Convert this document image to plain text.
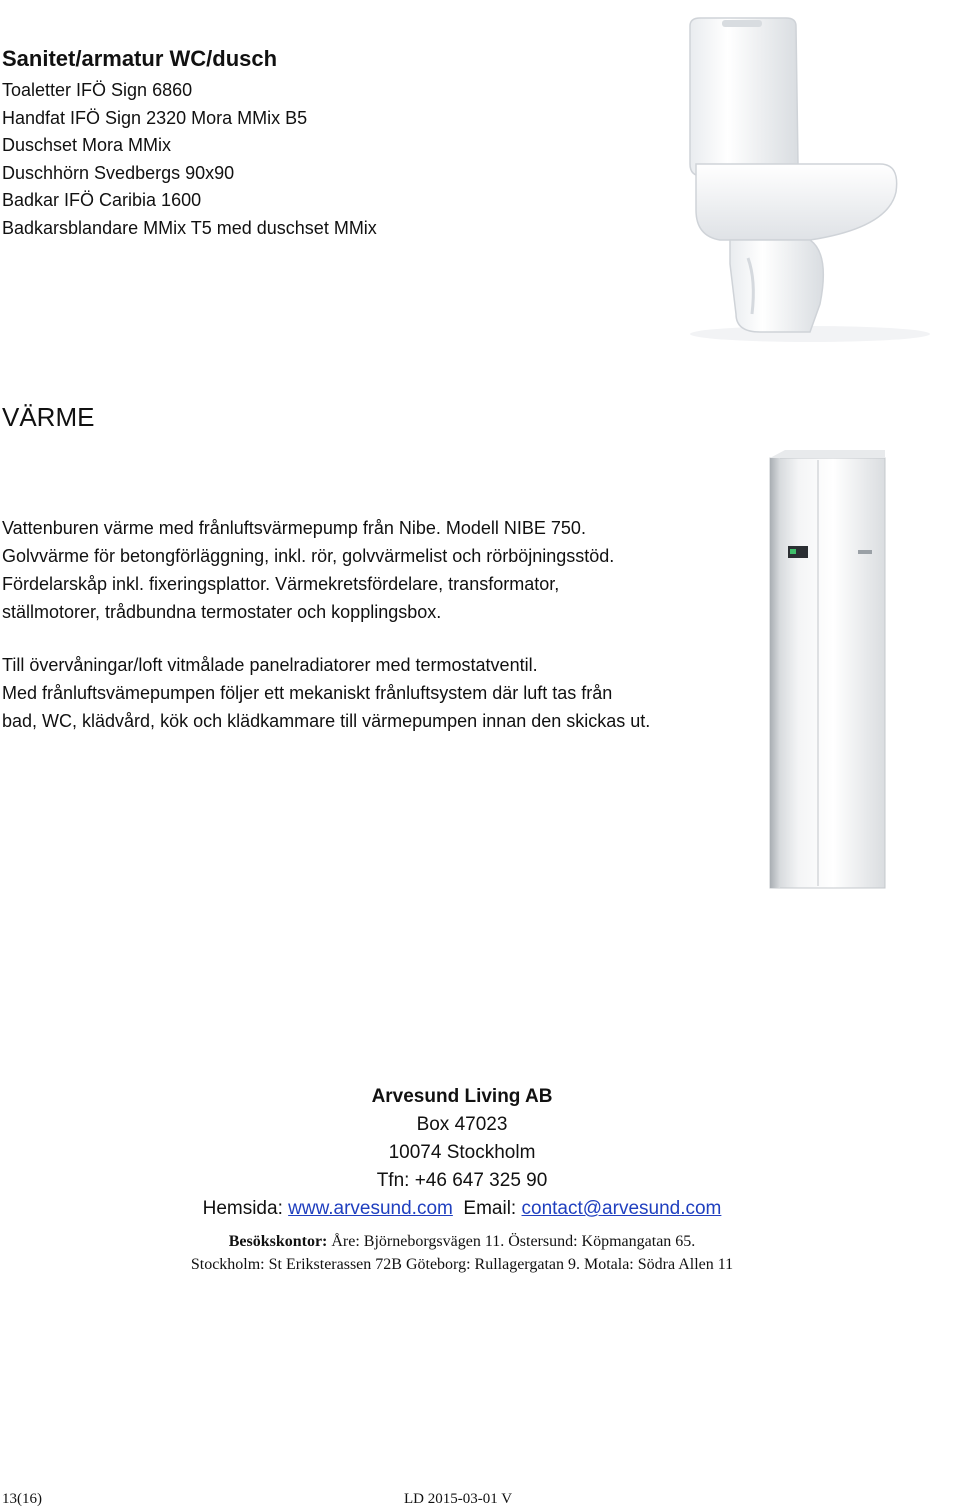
Sanitet/armatur WC/dusch
Toaletter IFÖ Sign 6860
Handfat IFÖ Sign 2320 Mora MMix B5
Duschset Mora MMix
Duschhörn Svedbergs 90x90
Badkar IFÖ Caribia 1600
Badkarsblandare MMix T5 med duschset MMix
VÄRME
Vattenburen värme med frånluftsvärmepump från Nibe. Modell NIBE 750.
Golvvärme för betongförläggning, inkl. rör, golvvärmelist och rörböjningsstöd.
Fördelarskåp inkl. fixeringsplattor. Värmekretsfördelare, transformator,
ställmotorer, trådbundna termostater och kopplingsbox.
Till övervåningar/loft vitmålade panelradiatorer med termostatventil.
Med frånluftsvämepumpen följer ett mekaniskt frånluftsystem där luft tas från
bad, WC, klädvård, kök och klädkammare till värmepumpen innan den skickas ut.
Arvesund Living AB
Box 47023
10074 Stockholm
Tfn: +46 647 325 90
Hemsida: www.arvesund.com Email: contact@arvesund.com
Besökskontor: Åre: Björneborgsvägen 11. Östersund: Köpmangatan 65.
Stockholm: St Eriksterassen 72B Göteborg: Rullagergatan 9. Motala: Södra Allen 11
13(16)	LD 2015-03-01 V
